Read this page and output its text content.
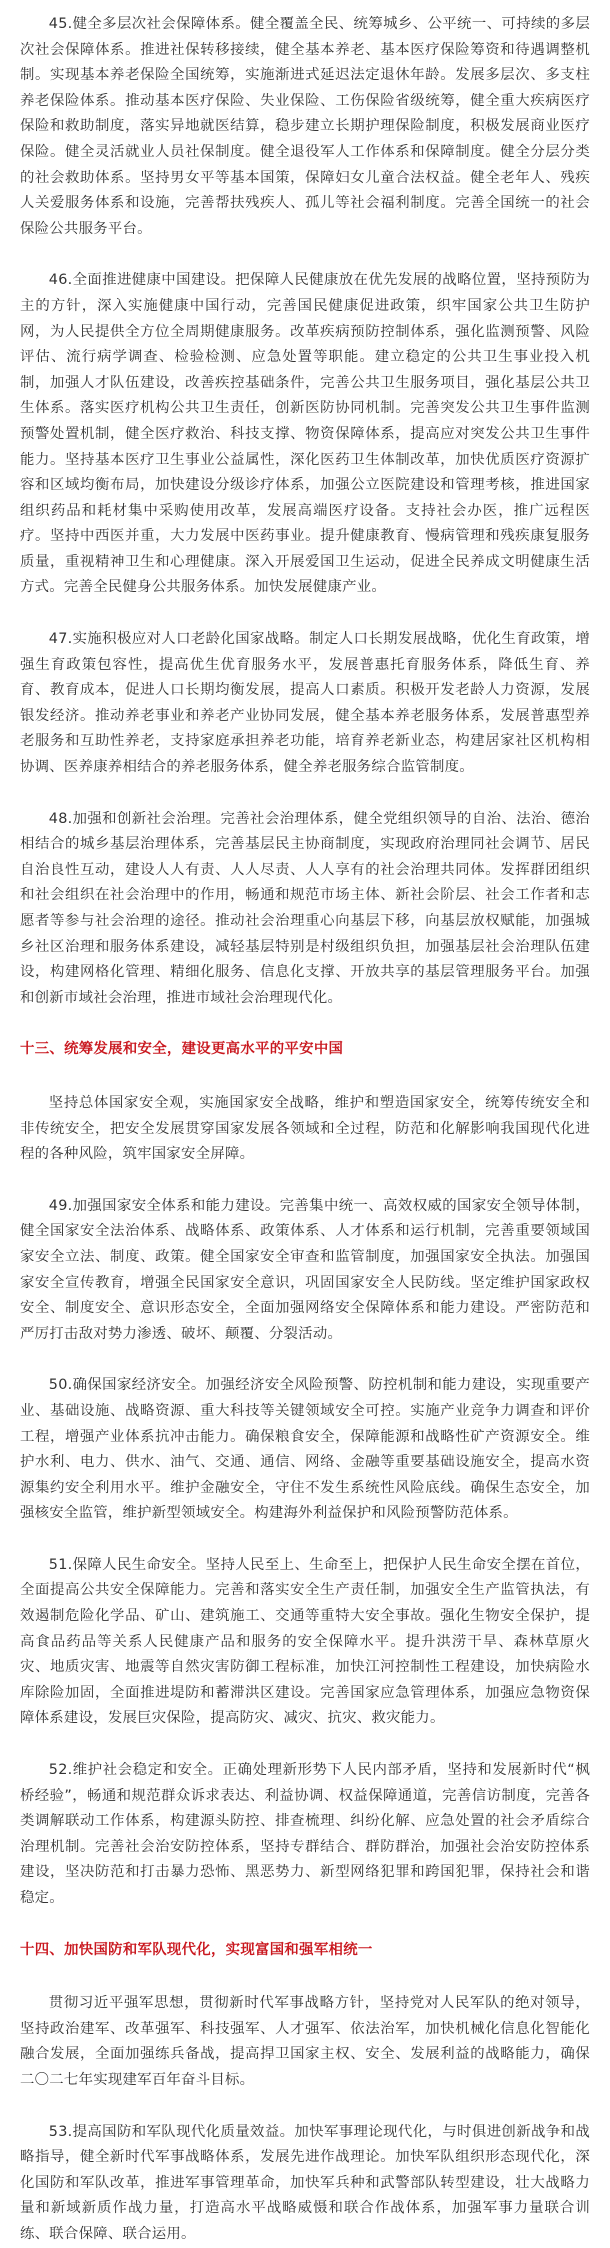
45.健全多层次社会保障体系。健全覆盖全民、统筹城乡、公平统一、可持续的多层次社会保障体系。推进社保转移接续，健全基本养老、基本医疗保险筹资和待遇调整机制。实现基本养老保险全国统筹，实施渐进式延迟法定退休年龄。发展多层次、多支柱养老保险体系。推动基本医疗保险、失业保险、工伤保险省级统筹，健全重大疾病医疗保险和救助制度，落实异地就医结算，稳步建立长期护理保险制度，积极发展商业医疗保险。健全灵活就业人员社保制度。健全退役军人工作体系和保障制度。健全分层分类的社会救助体系。坚持男女平等基本国策，保障妇女儿童合法权益。健全老年人、残疾人关爱服务体系和设施，完善帮扶残疾人、孤儿等社会福利制度。完善全国统一的社会保险公共服务平台。

46.全面推进健康中国建设。把保障人民健康放在优先发展的战略位置，坚持预防为主的方针，深入实施健康中国行动，完善国民健康促进政策，织牢国家公共卫生防护网，为人民提供全方位全周期健康服务。改革疾病预防控制体系，强化监测预警、风险评估、流行病学调查、检验检测、应急处置等职能。建立稳定的公共卫生事业投入机制，加强人才队伍建设，改善疾控基础条件，完善公共卫生服务项目，强化基层公共卫生体系。落实医疗机构公共卫生责任，创新医防协同机制。完善突发公共卫生事件监测预警处置机制，健全医疗救治、科技支撑、物资保障体系，提高应对突发公共卫生事件能力。坚持基本医疗卫生事业公益属性，深化医药卫生体制改革，加快优质医疗资源扩容和区域均衡布局，加快建设分级诊疗体系，加强公立医院建设和管理考核，推进国家组织药品和耗材集中采购使用改革，发展高端医疗设备。支持社会办医，推广远程医疗。坚持中西医并重，大力发展中医药事业。提升健康教育、慢病管理和残疾康复服务质量，重视精神卫生和心理健康。深入开展爱国卫生运动，促进全民养成文明健康生活方式。完善全民健身公共服务体系。加快发展健康产业。

47.实施积极应对人口老龄化国家战略。制定人口长期发展战略，优化生育政策，增强生育政策包容性，提高优生优育服务水平，发展普惠托育服务体系，降低生育、养育、教育成本，促进人口长期均衡发展，提高人口素质。积极开发老龄人力资源，发展银发经济。推动养老事业和养老产业协同发展，健全基本养老服务体系，发展普惠型养老服务和互助性养老，支持家庭承担养老功能，培育养老新业态，构建居家社区机构相协调、医养康养相结合的养老服务体系，健全养老服务综合监管制度。

48.加强和创新社会治理。完善社会治理体系，健全党组织领导的自治、法治、德治相结合的城乡基层治理体系，完善基层民主协商制度，实现政府治理同社会调节、居民自治良性互动，建设人人有责、人人尽责、人人享有的社会治理共同体。发挥群团组织和社会组织在社会治理中的作用，畅通和规范市场主体、新社会阶层、社会工作者和志愿者等参与社会治理的途径。推动社会治理重心向基层下移，向基层放权赋能，加强城乡社区治理和服务体系建设，减轻基层特别是村级组织负担，加强基层社会治理队伍建设，构建网格化管理、精细化服务、信息化支撑、开放共享的基层管理服务平台。加强和创新市域社会治理，推进市域社会治理现代化。

十三、统筹发展和安全，建设更高水平的平安中国

坚持总体国家安全观，实施国家安全战略，维护和塑造国家安全，统筹传统安全和非传统安全，把安全发展贯穿国家发展各领域和全过程，防范和化解影响我国现代化进程的各种风险，筑牢国家安全屏障。

49.加强国家安全体系和能力建设。完善集中统一、高效权威的国家安全领导体制，健全国家安全法治体系、战略体系、政策体系、人才体系和运行机制，完善重要领域国家安全立法、制度、政策。健全国家安全审查和监管制度，加强国家安全执法。加强国家安全宣传教育，增强全民国家安全意识，巩固国家安全人民防线。坚定维护国家政权安全、制度安全、意识形态安全，全面加强网络安全保障体系和能力建设。严密防范和严厉打击敌对势力渗透、破坏、颠覆、分裂活动。

50.确保国家经济安全。加强经济安全风险预警、防控机制和能力建设，实现重要产业、基础设施、战略资源、重大科技等关键领域安全可控。实施产业竞争力调查和评价工程，增强产业体系抗冲击能力。确保粮食安全，保障能源和战略性矿产资源安全。维护水利、电力、供水、油气、交通、通信、网络、金融等重要基础设施安全，提高水资源集约安全利用水平。维护金融安全，守住不发生系统性风险底线。确保生态安全，加强核安全监管，维护新型领域安全。构建海外利益保护和风险预警防范体系。

51.保障人民生命安全。坚持人民至上、生命至上，把保护人民生命安全摆在首位，全面提高公共安全保障能力。完善和落实安全生产责任制，加强安全生产监管执法，有效遏制危险化学品、矿山、建筑施工、交通等重特大安全事故。强化生物安全保护，提高食品药品等关系人民健康产品和服务的安全保障水平。提升洪涝干旱、森林草原火灾、地质灾害、地震等自然灾害防御工程标准，加快江河控制性工程建设，加快病险水库除险加固，全面推进堤防和蓄滞洪区建设。完善国家应急管理体系，加强应急物资保障体系建设，发展巨灾保险，提高防灾、减灾、抗灾、救灾能力。

52.维护社会稳定和安全。正确处理新形势下人民内部矛盾，坚持和发展新时代“枫桥经验”，畅通和规范群众诉求表达、利益协调、权益保障通道，完善信访制度，完善各类调解联动工作体系，构建源头防控、排查梳理、纠纷化解、应急处置的社会矛盾综合治理机制。完善社会治安防控体系，坚持专群结合、群防群治，加强社会治安防控体系建设，坚决防范和打击暴力恐怖、黑恶势力、新型网络犯罪和跨国犯罪，保持社会和谐稳定。

十四、加快国防和军队现代化，实现富国和强军相统一

贯彻习近平强军思想，贯彻新时代军事战略方针，坚持党对人民军队的绝对领导，坚持政治建军、改革强军、科技强军、人才强军、依法治军，加快机械化信息化智能化融合发展，全面加强练兵备战，提高捍卫国家主权、安全、发展利益的战略能力，确保二〇二七年实现建军百年奋斗目标。

53.提高国防和军队现代化质量效益。加快军事理论现代化，与时俱进创新战争和战略指导，健全新时代军事战略体系，发展先进作战理论。加快军队组织形态现代化，深化国防和军队改革，推进军事管理革命，加快军兵种和武警部队转型建设，壮大战略力量和新域新质作战力量，打造高水平战略威慑和联合作战体系，加强军事力量联合训练、联合保障、联合运用。
